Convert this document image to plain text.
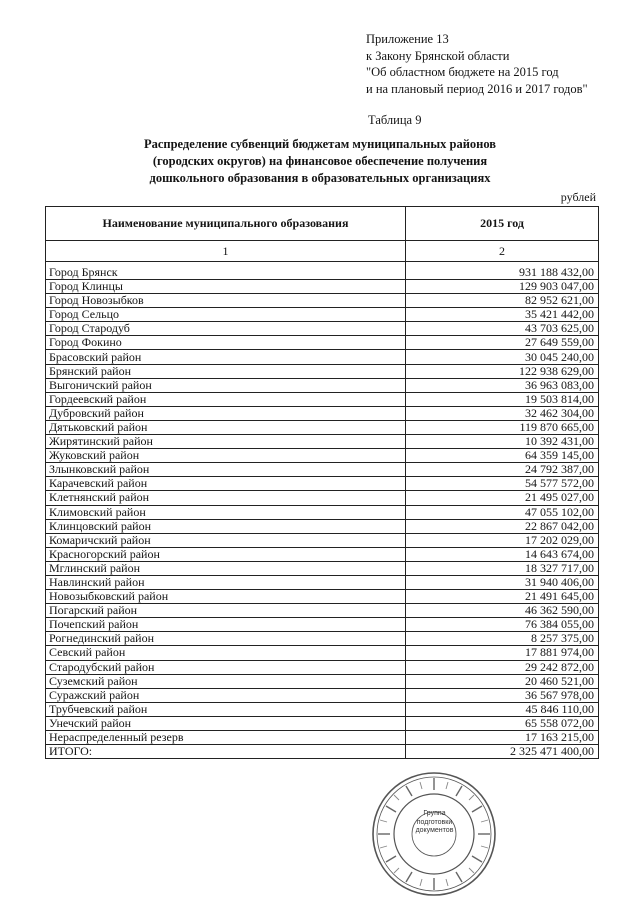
Приложение 13
к Закону Брянской области
"Об областном бюджете на 2015 год
и на плановый период 2016 и 2017 годов"
Таблица 9
Распределение субвенций бюджетам муниципальных районов
(городских округов) на финансовое обеспечение получения
дошкольного образования в образовательных организациях
рублей
Наименование муниципального образования	2015 год
1	2
Город Брянск	931 188 432,00
Город Клинцы	129 903 047,00
Город Новозыбков	82 952 621,00
Город Сельцо	35 421 442,00
Город Стародуб	43 703 625,00
Город Фокино	27 649 559,00
Брасовский район	30 045 240,00
Брянский район	122 938 629,00
Выгоничский район	36 963 083,00
Гордеевский район	19 503 814,00
Дубровский район	32 462 304,00
Дятьковский район	119 870 665,00
Жирятинский район	10 392 431,00
Жуковский район	64 359 145,00
Злынковский район	24 792 387,00
Карачевский район	54 577 572,00
Клетнянский район	21 495 027,00
Климовский район	47 055 102,00
Клинцовский район	22 867 042,00
Комаричский район	17 202 029,00
Красногорский район	14 643 674,00
Мглинский район	18 327 717,00
Навлинский район	31 940 406,00
Новозыбковский район	21 491 645,00
Погарский район	46 362 590,00
Почепский район	76 384 055,00
Рогнединский район	8 257 375,00
Севский район	17 881 974,00
Стародубский район	29 242 872,00
Суземский район	20 460 521,00
Суражский район	36 567 978,00
Трубчевский район	45 846 110,00
Унечский район	65 558 072,00
Нераспределенный резерв	17 163 215,00
ИТОГО:	2 325 471 400,00
Группа
подготовки
документов
